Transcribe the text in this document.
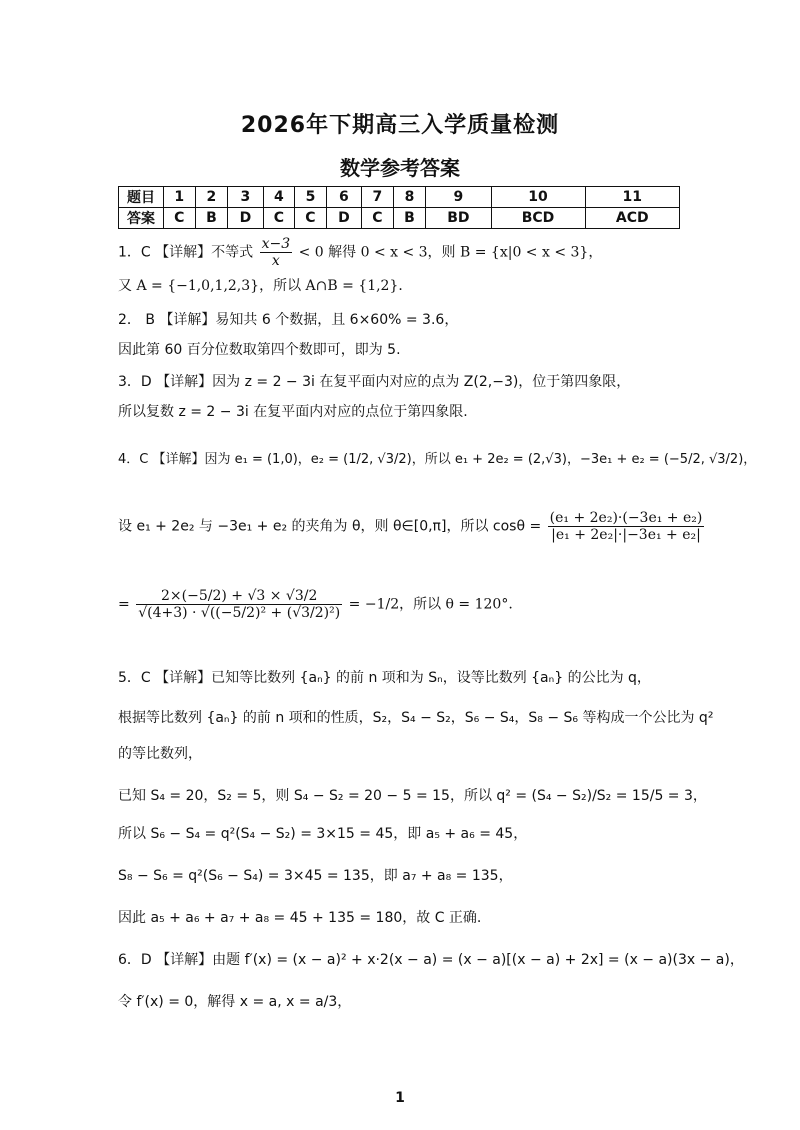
2026年下期高三入学质量检测
数学参考答案
题目	1	2	3	4	5	6	7	8	9	10	11
答案	C	B	D	C	C	D	C	B	BD	BCD	ACD
1．C 【详解】不等式 $\frac{x-3}{x} < 0$ 解得 0 < x < 3，则 B = {x|0 < x < 3}，
又 A = {−1,0,1,2,3}，所以 A∩B = {1,2}．
2． B 【详解】易知共 6 个数据，且 6×60% = 3.6，
因此第 60 百分位数取第四个数即可，即为 5.
3．D 【详解】因为 z = 2 − 3i 在复平面内对应的点为 Z(2,−3)，位于第四象限，
所以复数 z = 2 − 3i 在复平面内对应的点位于第四象限.
4．C 【详解】因为 e₁ = (1,0)，e₂ = (1/2, √3/2)，所以 e₁ + 2e₂ = (2,√3)，−3e₁ + e₂ = (−5/2, √3/2)，
设 e₁ + 2e₂ 与 −3e₁ + e₂ 的夹角为 θ，则 θ∈[0,π]，所以 $\cos\theta = \frac{\text{(e₁ + 2e₂)·(−3e₁ + e₂)}}{\text{|e₁ + 2e₂|·|−3e₁ + e₂|}}$
= $\frac{2\times(-5/2) + √3 \times √3/2}{\text{√(4+3) · √((−5/2)² + (√3/2)²)}} = -1/2$，所以 θ = 120°.
5．C 【详解】已知等比数列 {aₙ} 的前 n 项和为 Sₙ，设等比数列 {aₙ} 的公比为 q，
根据等比数列 {aₙ} 的前 n 项和的性质，S₂，S₄ − S₂，S₆ − S₄，S₈ − S₆ 等构成一个公比为 q²
的等比数列，
已知 S₄ = 20，S₂ = 5，则 S₄ − S₂ = 20 − 5 = 15，所以 q² = (S₄ − S₂)/S₂ = 15/5 = 3，
所以 S₆ − S₄ = q²(S₄ − S₂) = 3×15 = 45，即 a₅ + a₆ = 45，
S₈ − S₆ = q²(S₆ − S₄) = 3×45 = 135，即 a₇ + a₈ = 135，
因此 a₅ + a₆ + a₇ + a₈ = 45 + 135 = 180，故 C 正确.
6．D 【详解】由题 f′(x) = (x − a)² + x·2(x − a) = (x − a)[(x − a) + 2x] = (x − a)(3x − a)，
令 f′(x) = 0，解得 x = a, x = a/3，
1
